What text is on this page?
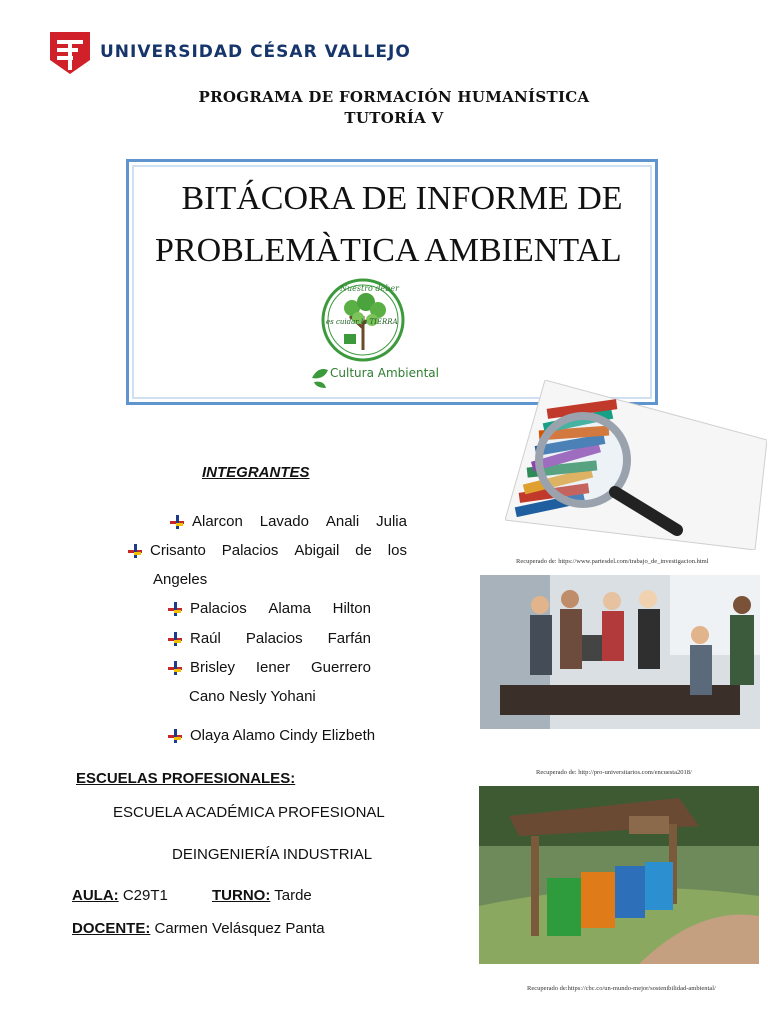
UNIVERSIDAD CÉSAR VALLEJO
PROGRAMA DE FORMACIÓN HUMANÍSTICA
TUTORÍA V
BITÁCORA DE INFORME DE
PROBLEMÀTICA AMBIENTAL
Nuestro deber
es cuidar la TIERRA
Cultura Ambiental
Recuperado de: https://www.partesdel.com/trabajo_de_investigacion.html
Recuperado de: http://pro-universitarios.com/encuesta2018/
Recuperado de:https://cbc.co/un-mundo-mejor/sostenibilidad-ambiental/
INTEGRANTES
Alarcon Lavado Anali Julia
Crisanto Palacios Abigail de los
Angeles
Palacios Alama Hilton
Raúl Palacios Farfán
Brisley Iener Guerrero
Cano Nesly Yohani
Olaya Alamo Cindy Elizbeth
ESCUELAS PROFESIONALES:
ESCUELA ACADÉMICA PROFESIONAL
DEINGENIERÍA INDUSTRIAL
AULA: C29T1	TURNO: Tarde
DOCENTE: Carmen Velásquez Panta
